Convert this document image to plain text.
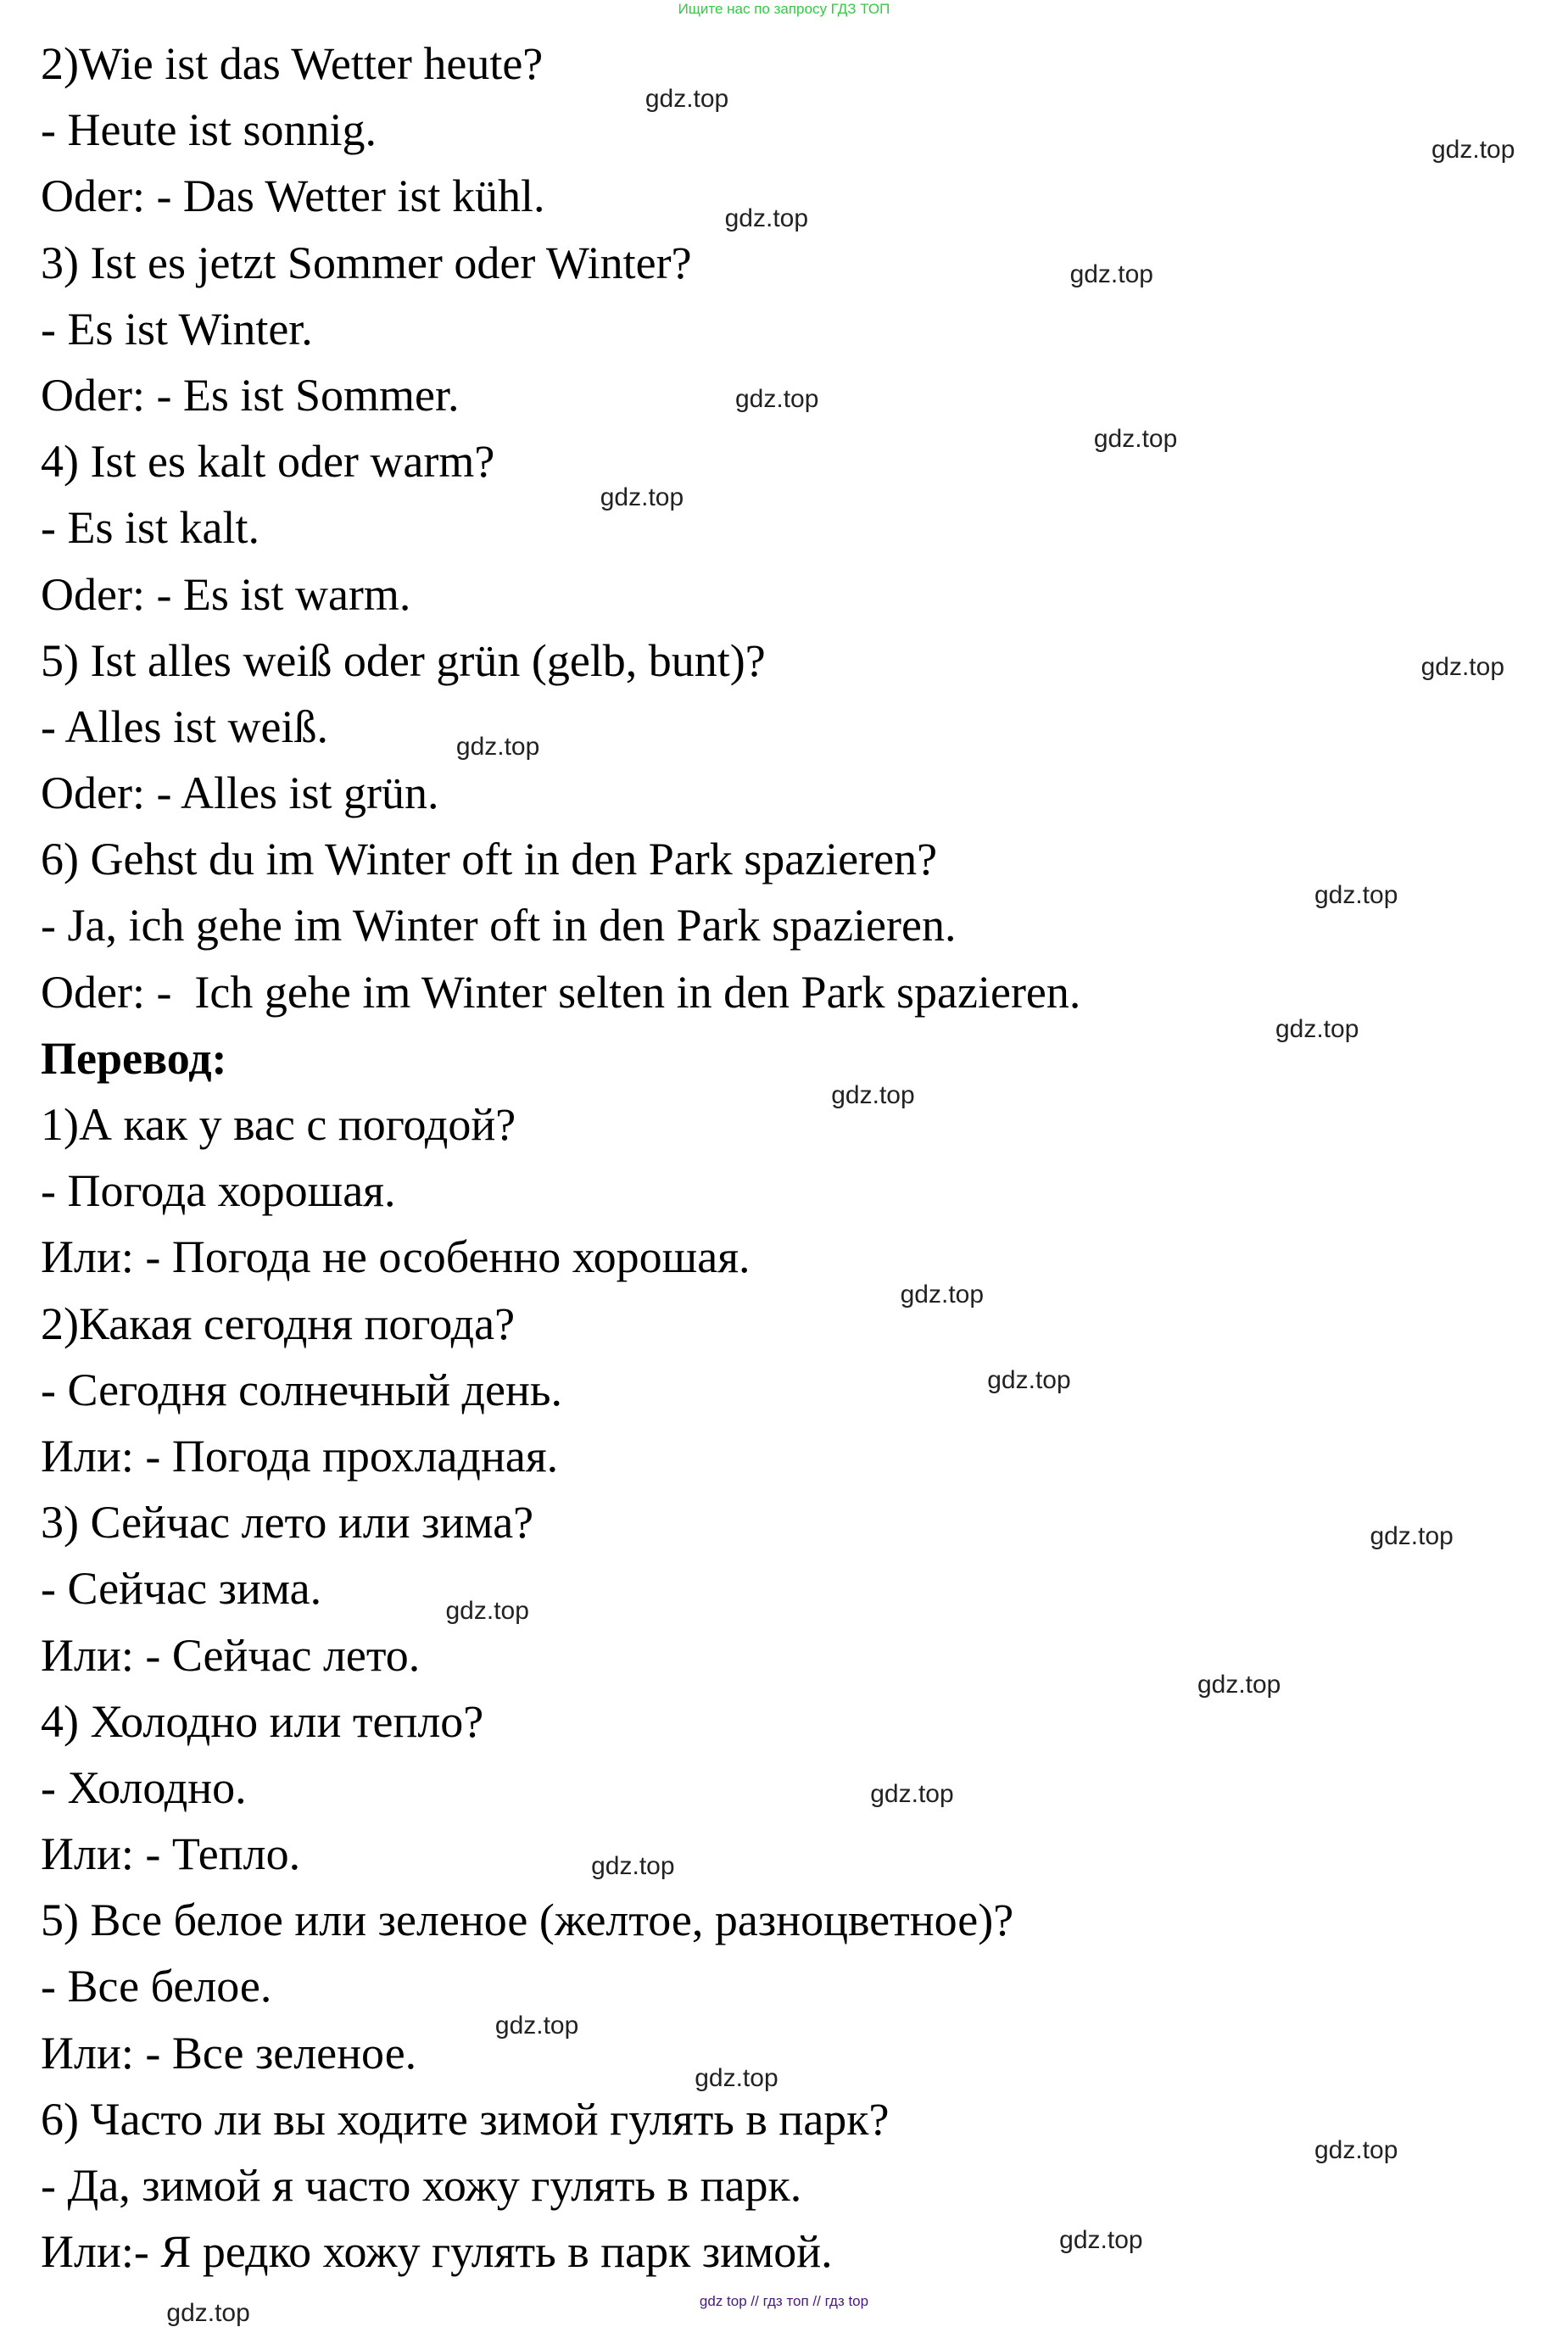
Ищите нас по запросу ГДЗ ТОП
2)Wie ist das Wetter heute?
- Heute ist sonnig.
Oder: - Das Wetter ist kühl.
3) Ist es jetzt Sommer oder Winter?
- Es ist Winter.
Oder: - Es ist Sommer.
4) Ist es kalt oder warm?
- Es ist kalt.
Oder: - Es ist warm.
5) Ist alles weiß oder grün (gelb, bunt)?
- Alles ist weiß.
Oder: - Alles ist grün.
6) Gehst du im Winter oft in den Park spazieren?
- Ja, ich gehe im Winter oft in den Park spazieren.
Oder: -  Ich gehe im Winter selten in den Park spazieren.
Перевод:
1)А как у вас с погодой?
- Погода хорошая.
Или: - Погода не особенно хорошая.
2)Какая сегодня погода?
- Сегодня солнечный день.
Или: - Погода прохладная.
3) Сейчас лето или зима?
- Сейчас зима.
Или: - Сейчас лето.
4) Холодно или тепло?
- Холодно.
Или: - Тепло.
5) Все белое или зеленое (желтое, разноцветное)?
- Все белое.
Или: - Все зеленое.
6) Часто ли вы ходите зимой гулять в парк?
- Да, зимой я часто хожу гулять в парк.
Или:- Я редко хожу гулять в парк зимой.
gdz.top
gdz.top
gdz.top
gdz.top
gdz.top
gdz.top
gdz.top
gdz.top
gdz.top
gdz.top
gdz.top
gdz.top
gdz.top
gdz.top
gdz.top
gdz.top
gdz.top
gdz.top
gdz.top
gdz.top
gdz.top
gdz.top
gdz.top
gdz.top	gdz top // гдз топ // гдз top
